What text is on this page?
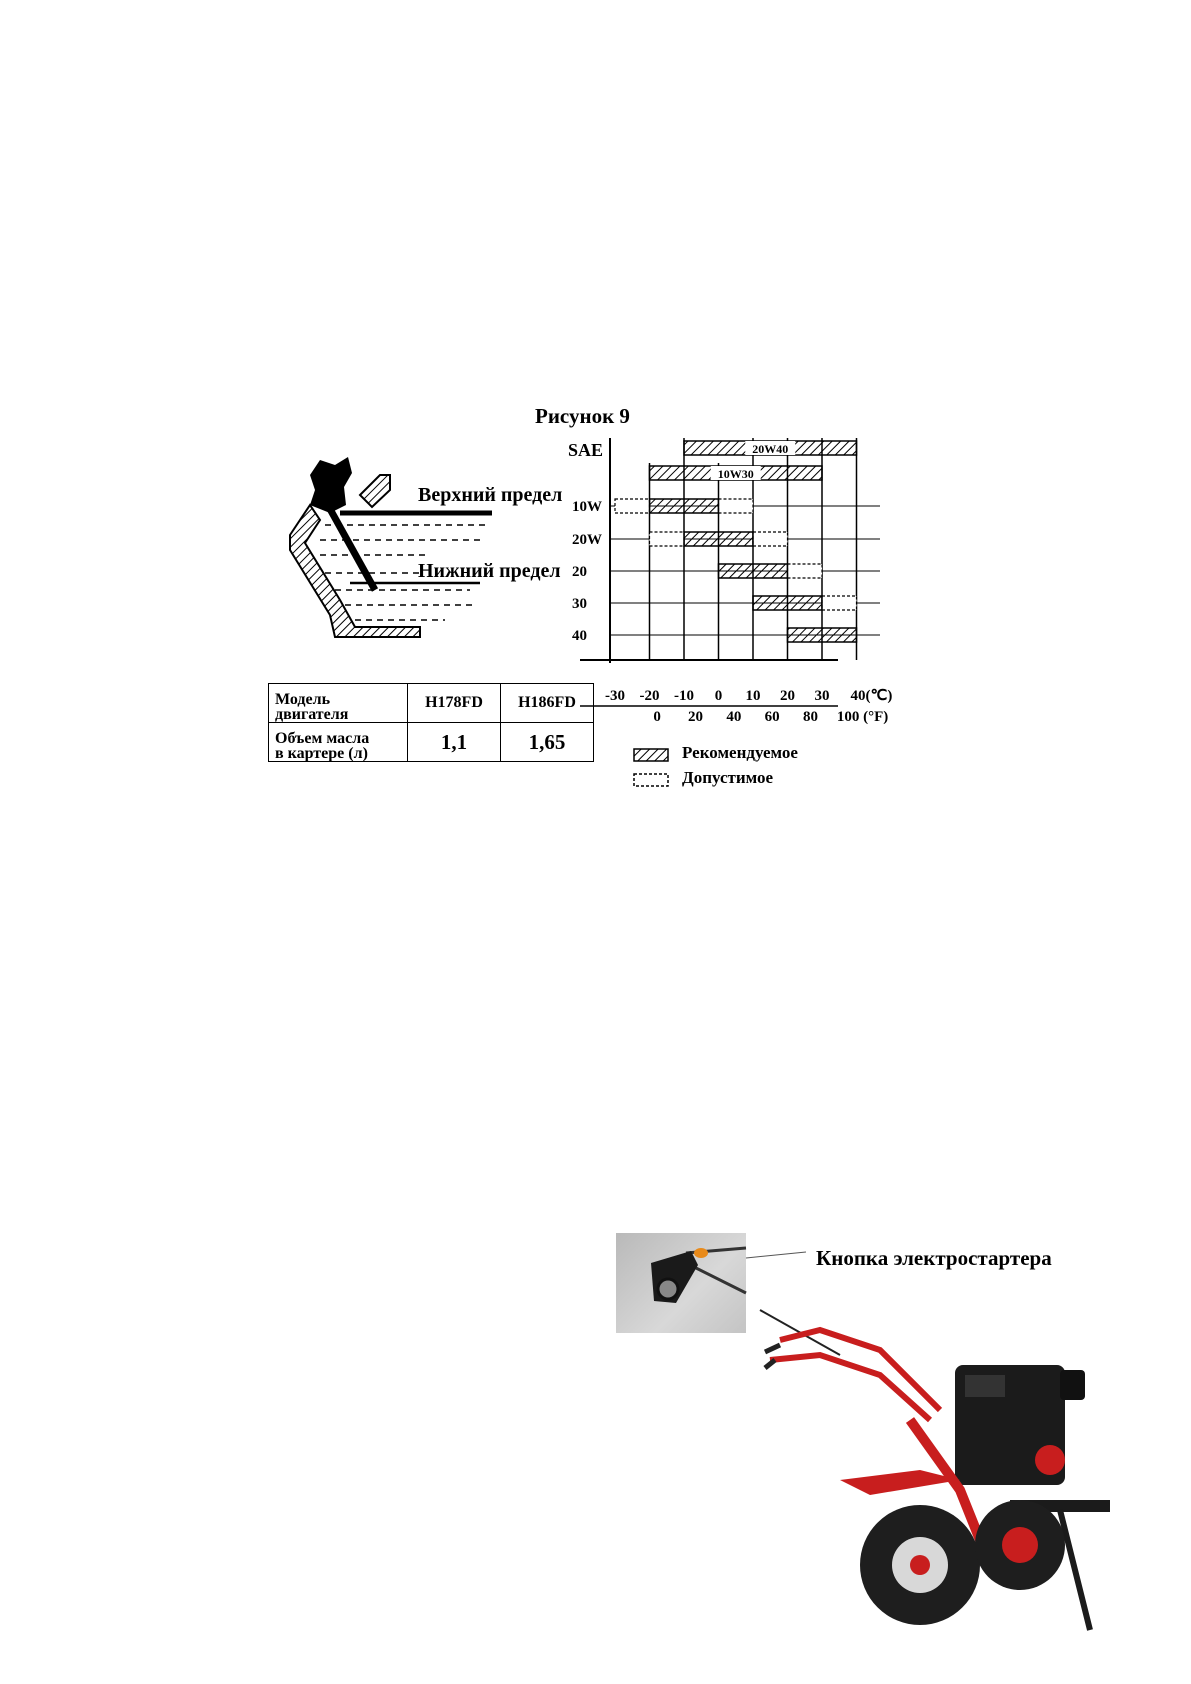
Рисунок 9
Верхний предел
Нижний предел
SAE
10W
20W
20
30
40
20W40
10W30
-30 -20 -10 0 10 20 30 40(℃)
0 20 40 60 80 100 (°F)
Модель
двигателя	H178FD	H186FD

Объем масла
в картере (л)	1,1	1,65	Рекомендуемое
Допустимое
Кнопка электростартера
